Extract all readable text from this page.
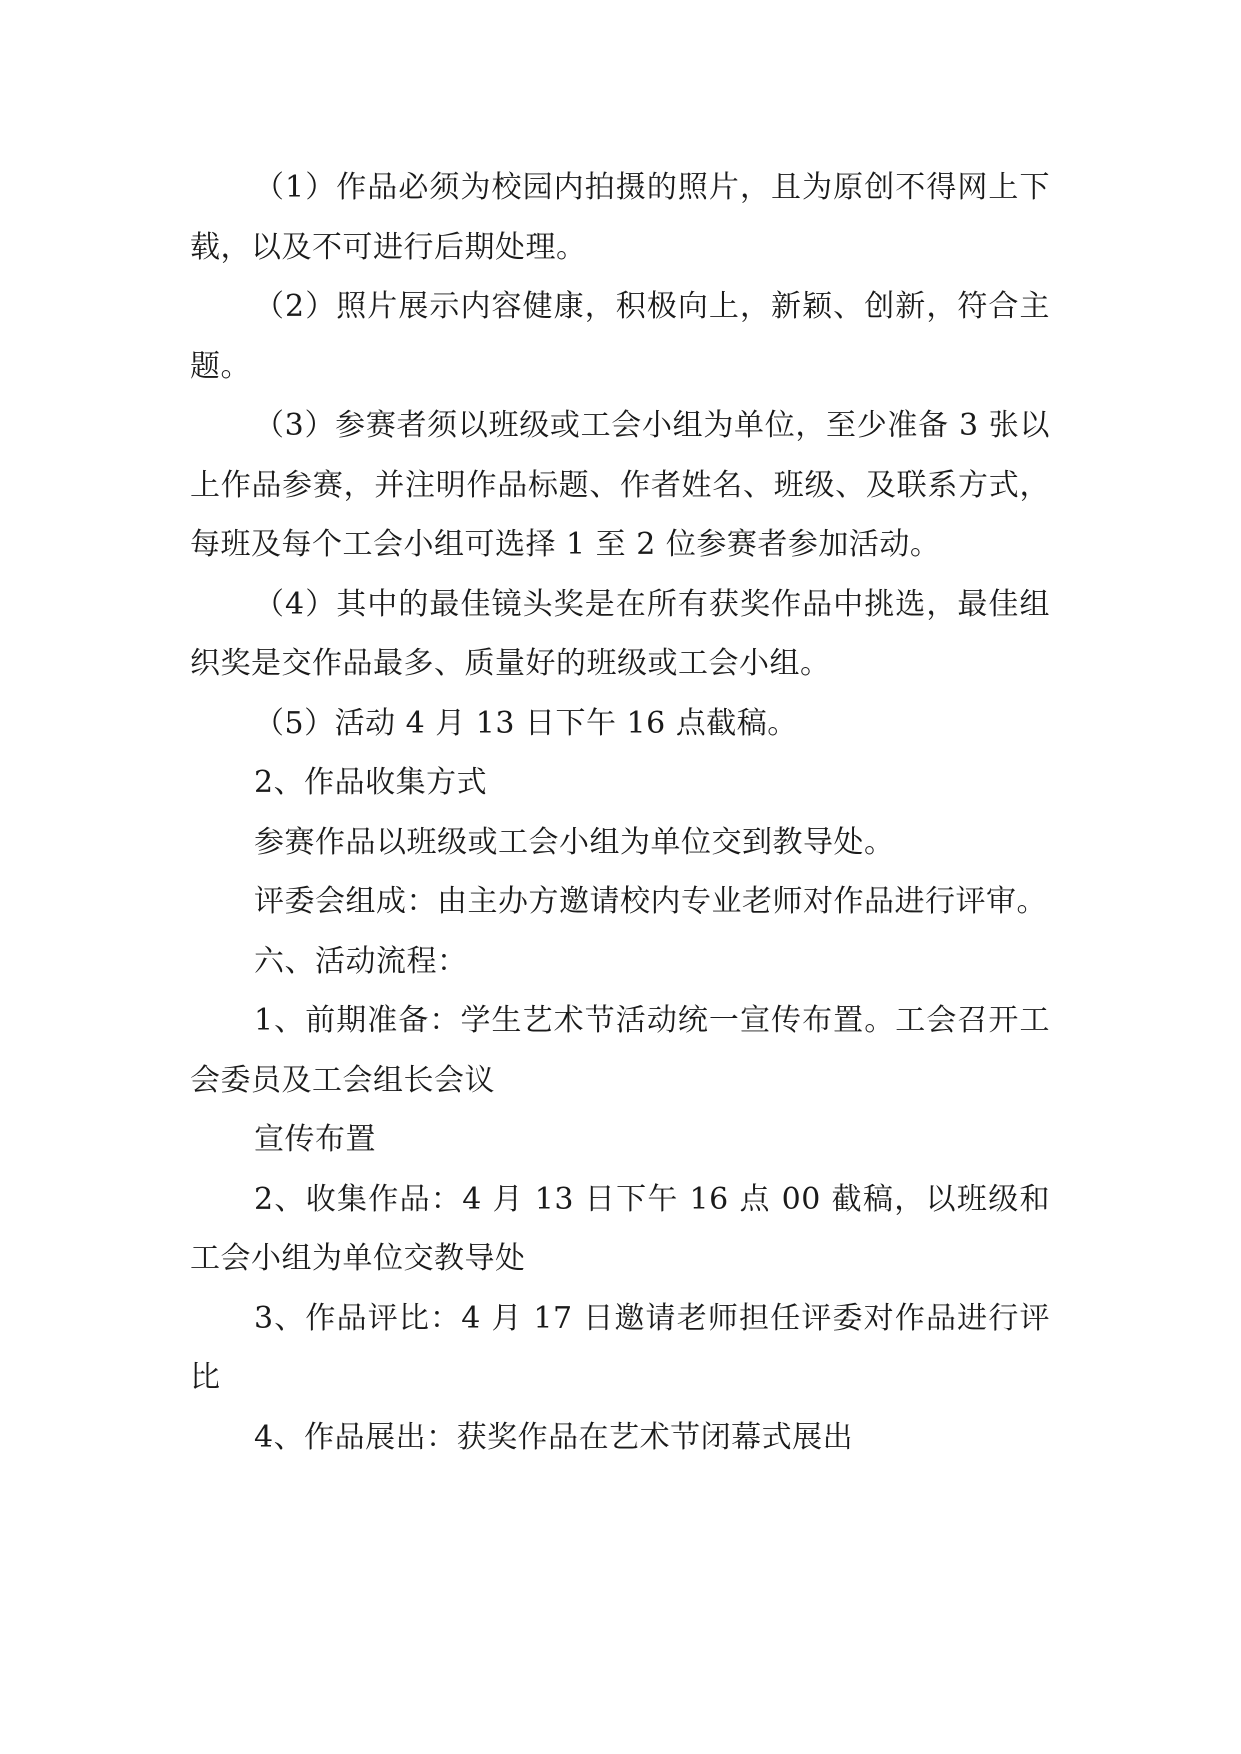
（1）作品必须为校园内拍摄的照片，且为原创不得网上下载，以及不可进行后期处理。

（2）照片展示内容健康，积极向上，新颖、创新，符合主题。

（3）参赛者须以班级或工会小组为单位，至少准备 3 张以上作品参赛，并注明作品标题、作者姓名、班级、及联系方式，每班及每个工会小组可选择 1 至 2 位参赛者参加活动。

（4）其中的最佳镜头奖是在所有获奖作品中挑选，最佳组织奖是交作品最多、质量好的班级或工会小组。

（5）活动 4 月 13 日下午 16 点截稿。

2、作品收集方式

参赛作品以班级或工会小组为单位交到教导处。

评委会组成：由主办方邀请校内专业老师对作品进行评审。

六、活动流程：

1、前期准备：学生艺术节活动统一宣传布置。工会召开工会委员及工会组长会议

宣传布置

2、收集作品：4 月 13 日下午 16 点 00 截稿，以班级和工会小组为单位交教导处

3、作品评比：4 月 17 日邀请老师担任评委对作品进行评比

4、作品展出：获奖作品在艺术节闭幕式展出
